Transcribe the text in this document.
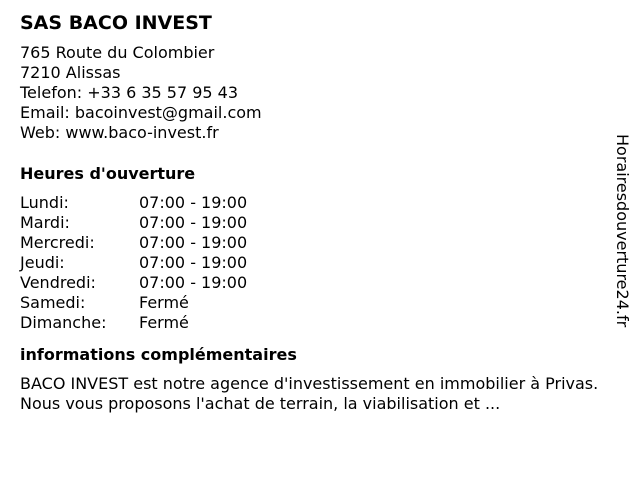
SAS BACO INVEST
765 Route du Colombier
7210 Alissas
Telefon: +33 6 35 57 95 43
Email: bacoinvest@gmail.com
Web: www.baco-invest.fr
Heures d'ouverture
Lundi:	07:00 - 19:00
Mardi:	07:00 - 19:00
Mercredi:	07:00 - 19:00
Jeudi:	07:00 - 19:00
Vendredi:	07:00 - 19:00
Samedi:	Fermé
Dimanche:	Fermé
informations complémentaires
BACO INVEST est notre agence d'investissement en immobilier à Privas. Nous vous proposons l'achat de terrain, la viabilisation et ...
Horairesdouverture24.fr
